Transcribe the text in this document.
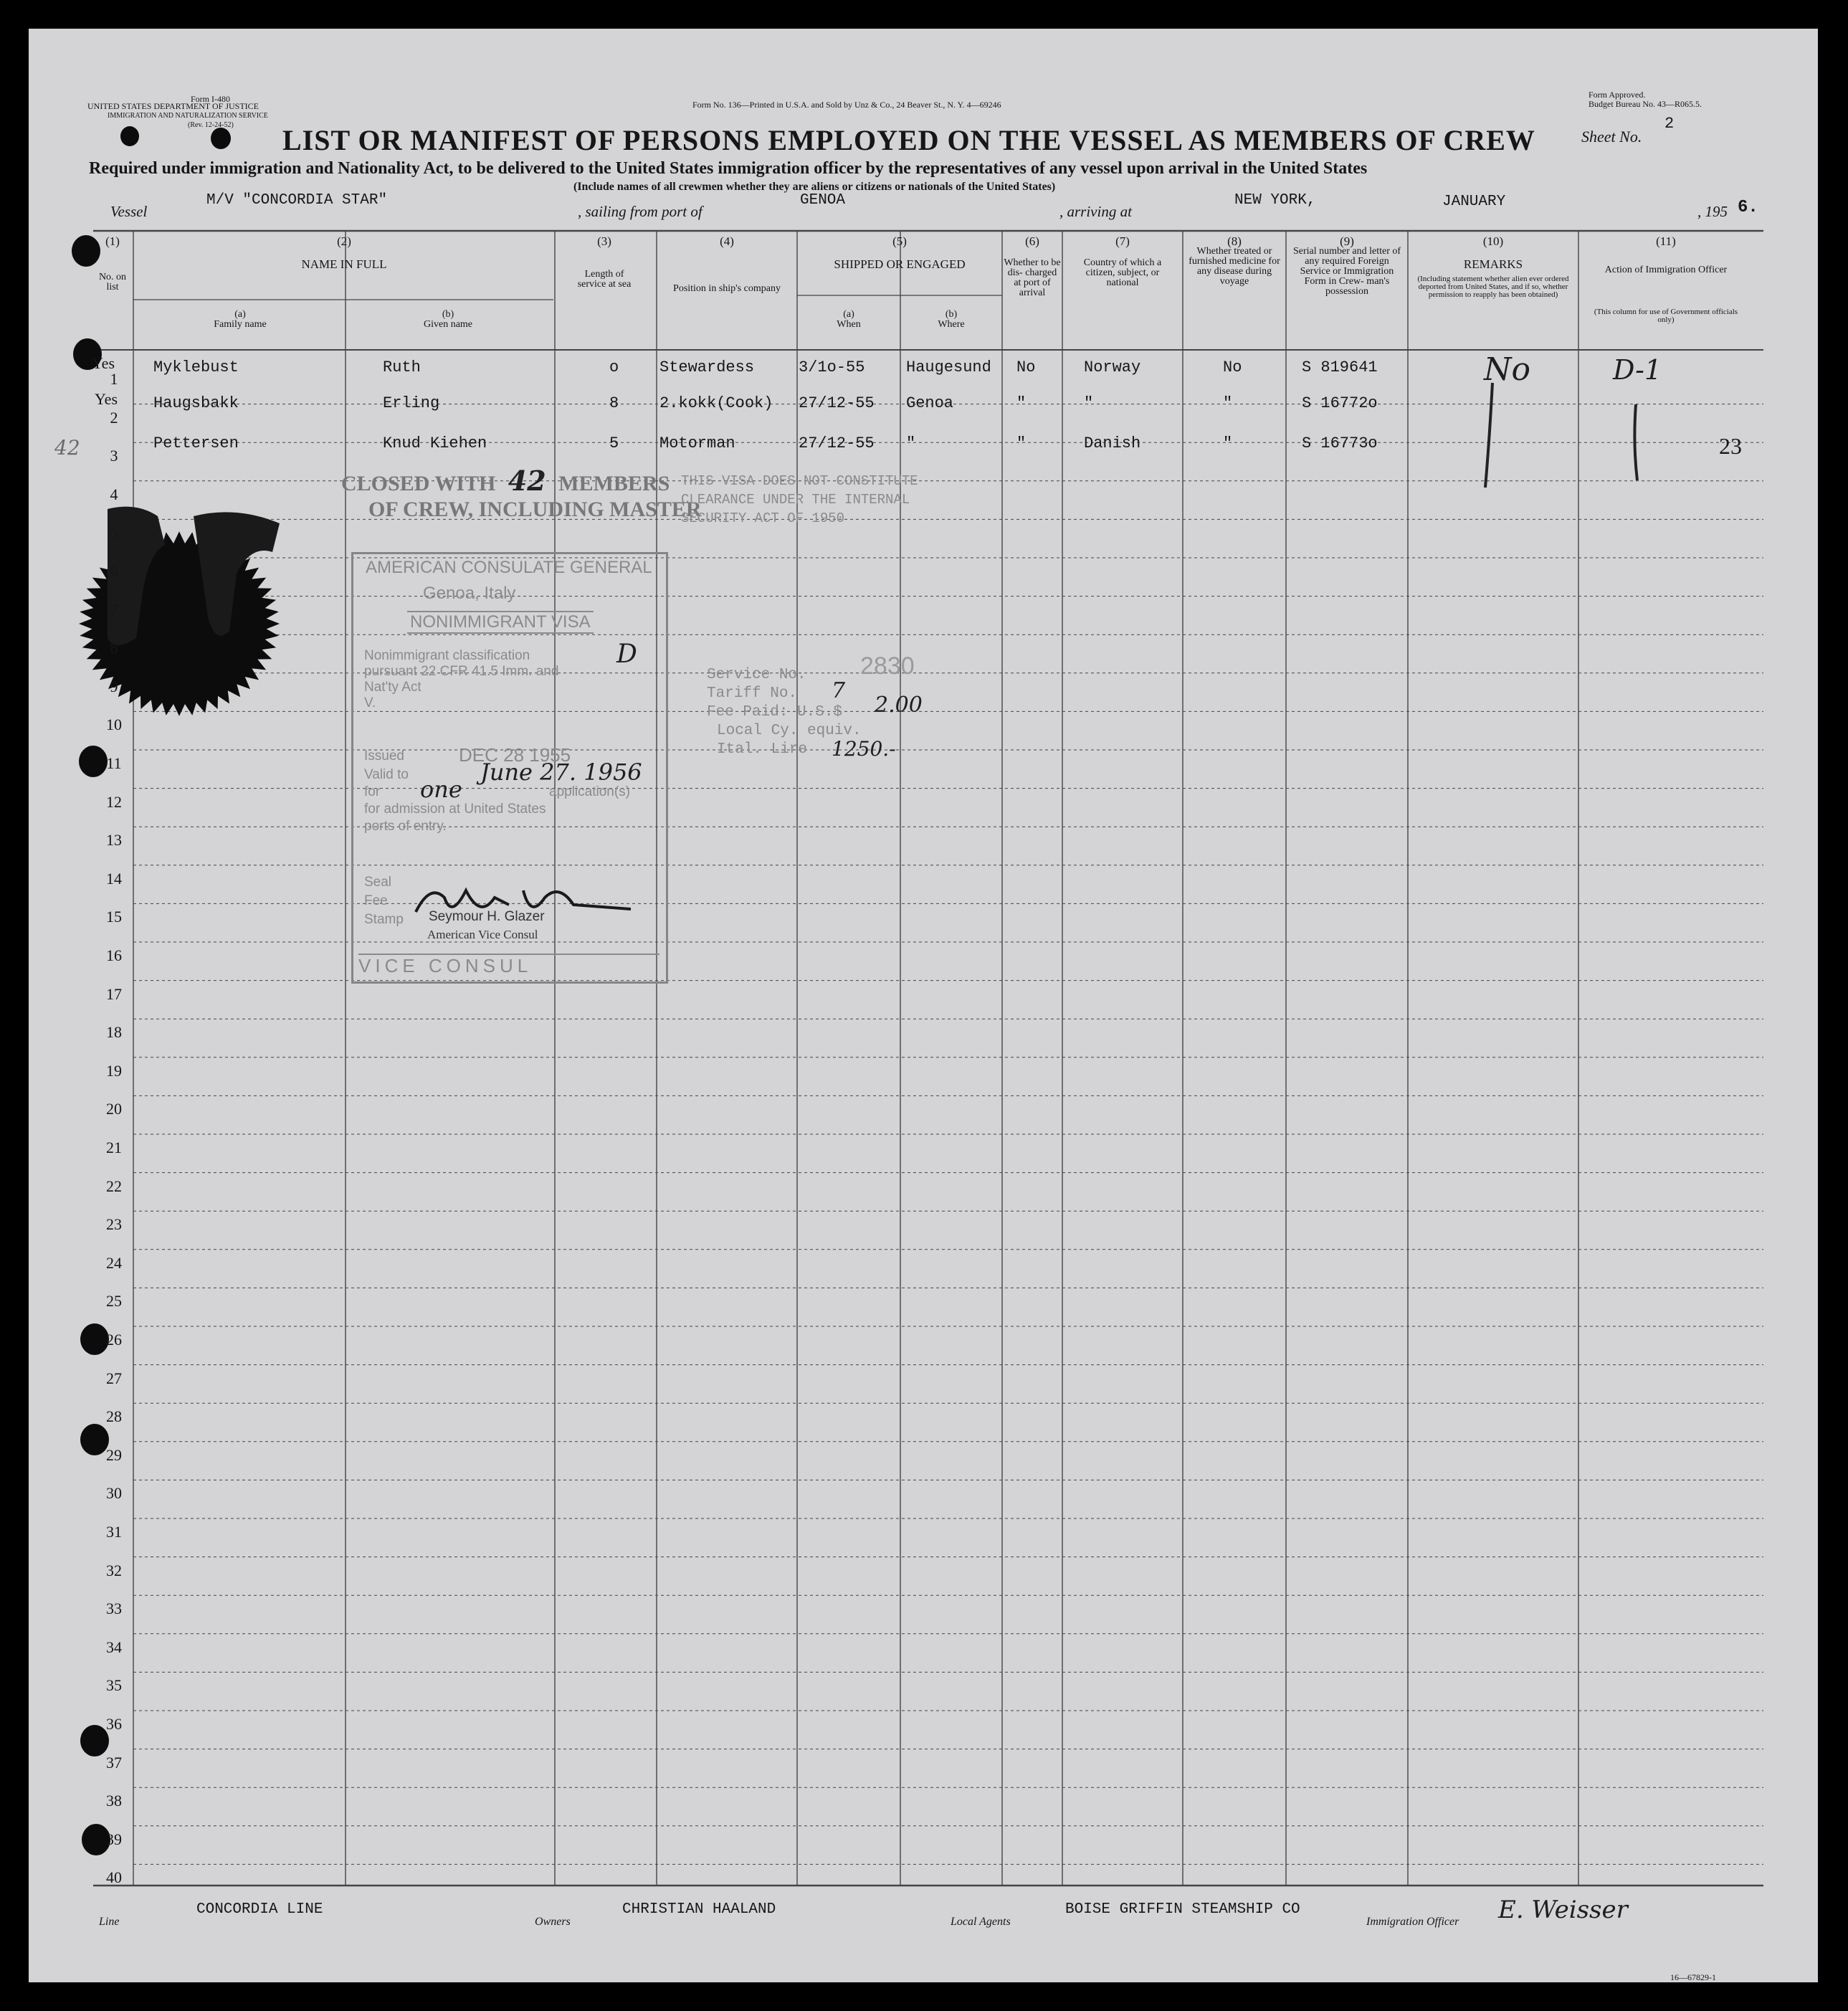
Form I-480
UNITED STATES DEPARTMENT OF JUSTICE
IMMIGRATION AND NATURALIZATION SERVICE
(Rev. 12-24-52)
Form No. 136—Printed in U.S.A. and Sold by Unz & Co., 24 Beaver St., N. Y. 4—69246
Form Approved.
Budget Bureau No. 43—R065.5.
LIST OR MANIFEST OF PERSONS EMPLOYED ON THE VESSEL AS MEMBERS OF CREW	Sheet No.
2
Required under immigration and Nationality Act, to be delivered to the United States immigration officer by the representatives of any vessel upon arrival in the United States
(Include names of all crewmen whether they are aliens or citizens or nationals of the United States)
Vessel
M/V "CONCORDIA STAR"
, sailing from port of
GENOA
, arriving at
NEW YORK,	JANUARY
, 195 6.
(1)
No. on list
(2)
NAME IN FULL
(a)
Family name
(b)
Given name
(3)
Length of service at sea
(4)
Position in ship's company
(5)
SHIPPED OR ENGAGED
(a)
When
(b)
Where
(6)
Whether to be dis- charged at port of arrival
(7)
Country of which a citizen, subject, or national
(8)
Whether treated or furnished medicine for any disease during voyage
(9)
Serial number and letter of any required Foreign Service or Immigration Form in Crew- man's possession
(10)
REMARKS
(Including statement whether alien ever ordered deported from United States, and if so, whether permission to reapply has been obtained)
(11)
Action of Immigration Officer
(This column for use of Government officials only)
1
2
3
4
5
6
7
8
9
10
11
12
13
14
15
16
17
18
19
20
21
22
23
24
25
26
27
28
29
30
31
32
33
34
35
36
37
38
39
40
Yes
Yes
42
Myklebust	Ruth	o	Stewardess	3/1o-55	Haugesund No	Norway	No	S 819641
Haugsbakk	Erling	8	2.kokk(Cook) 27/12-55 Genoa	"	"	"	S 16772o
Pettersen	Knud Kiehen	5	Motorman	27/12-55 "	"	Danish	"	S 16773o
No	D-1
23
CLOSED WITH 42 MEMBERS
OF CREW, INCLUDING MASTER
THIS VISA DOES NOT CONSTITUTE
CLEARANCE UNDER THE INTERNAL
SECURITY ACT OF 1950
AMERICAN CONSULATE GENERAL
Genoa, Italy
NONIMMIGRANT VISA
Nonimmigrant classification
pursuant 22 CFR 41.5 Imm. and
Nat'ty Act
V.
D
Issued	DEC 28 1955
Valid to	June 27. 1956
for one	application(s)
for admission at United States
ports of entry.
Seal
Fee
Stamp Seymour H. Glazer
American Vice Consul
VICE CONSUL
Service No. 2830
Tariff No. 7
Fee Paid: U.S.$ 2.00
Local Cy. equiv.
Ital. Lire 1250.-
Line
CONCORDIA LINE
Owners
CHRISTIAN HAALAND
Local Agents
BOISE GRIFFIN STEAMSHIP CO
Immigration Officer E. Weisser
16—67829-1
